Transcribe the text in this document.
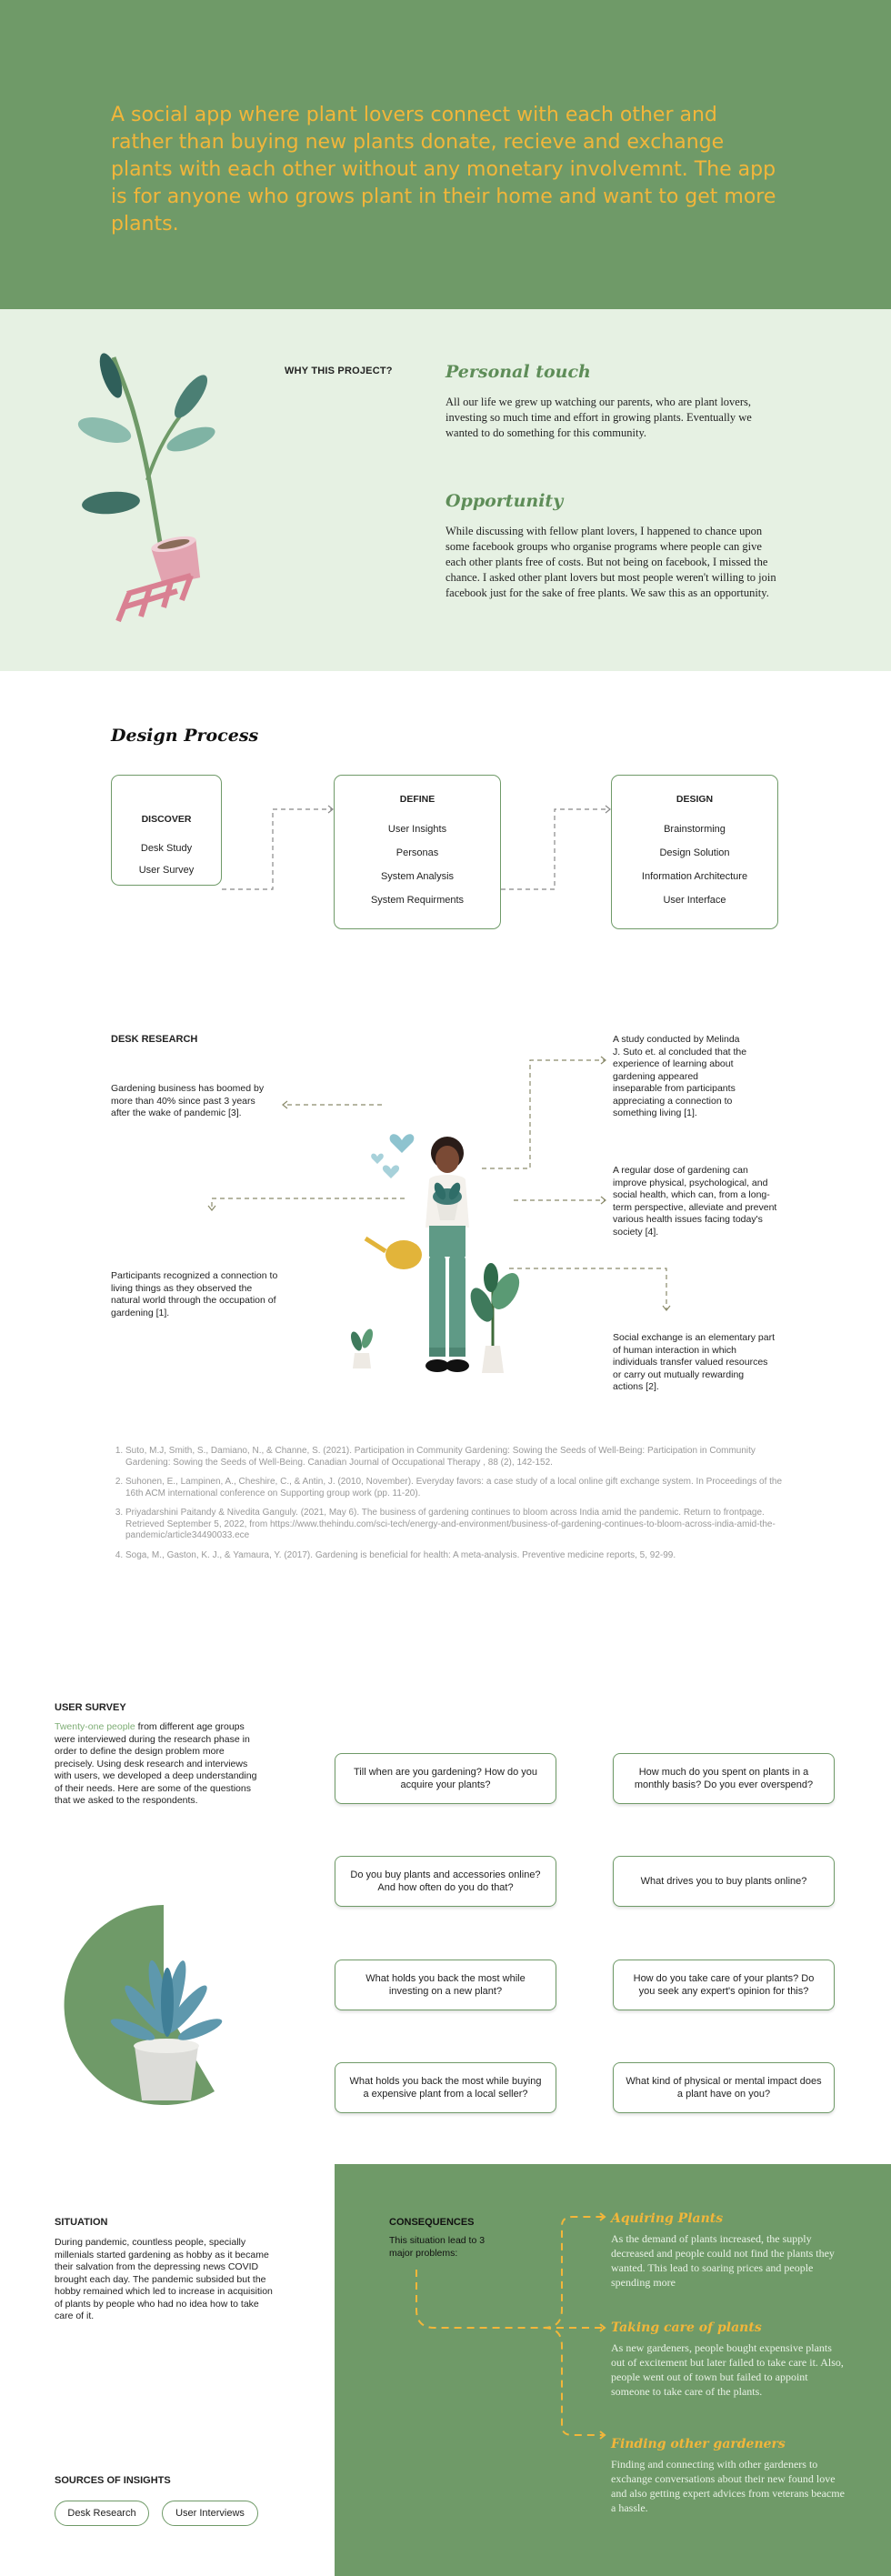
A social app where plant lovers connect with each other and rather than buying new plants donate, recieve and exchange plants with each other without any monetary involvemnt. The app is for anyone who grows plant in their home and want to get more plants.

WHY THIS PROJECT?	Personal touch

All our life we grew up watching our parents, who are plant lovers, investing so much time and effort in growing plants. Eventually we wanted to do something for this community.

Opportunity

While discussing with fellow plant lovers, I happened to chance upon some facebook groups who organise programs where people can give each other plants free of costs. But not being on facebook, I missed the chance. I asked other plant lovers but most people weren't willing to join facebook just for the sake of free plants. We saw this as an opportunity.

Design Process
DISCOVER
Desk Study
User Survey
DEFINE
User Insights
Personas
System Analysis
System Requirments
DESIGN
Brainstorming
Design Solution
Information Architecture
User Interface
DESK RESEARCH	A study conducted by Melinda J. Suto et. al concluded that the experience of learning about gardening appeared inseparable from participants appreciating a connection to something living [1].
Gardening business has boomed by more than 40% since past 3 years after the wake of pandemic [3].
A regular dose of gardening can improve physical, psychological, and social health, which can, from a long-term perspective, alleviate and prevent various health issues facing today's society [4].
Participants recognized a connection to living things as they observed the natural world through the occupation of gardening [1].
Social exchange is an elementary part of human interaction in which individuals transfer valued resources or carry out mutually rewarding actions [2].
1. Suto, M.J, Smith, S., Damiano, N., & Channe, S. (2021). Participation in Community Gardening: Sowing the Seeds of Well-Being: Participation in Community Gardening: Sowing the Seeds of Well-Being. Canadian Journal of Occupational Therapy , 88 (2), 142-152.
2. Suhonen, E., Lampinen, A., Cheshire, C., & Antin, J. (2010, November). Everyday favors: a case study of a local online gift exchange system. In Proceedings of the 16th ACM international conference on Supporting group work (pp. 11-20).
3. Priyadarshini Paitandy & Nivedita Ganguly. (2021, May 6). The business of gardening continues to bloom across India amid the pandemic. Return to frontpage. Retrieved September 5, 2022, from https://www.thehindu.com/sci-tech/energy-and-environment/business-of-gardening-continues-to-bloom-across-india-amid-the-pandemic/article34490033.ece
4. Soga, M., Gaston, K. J., & Yamaura, Y. (2017). Gardening is beneficial for health: A meta-analysis. Preventive medicine reports, 5, 92-99.
USER SURVEY

Twenty-one people from different age groups were interviewed during the research phase in order to define the design problem more precisely. Using desk research and interviews with users, we developed a deep understanding of their needs. Here are some of the questions that we asked to the respondents.

Till when are you gardening? How do you acquire your plants?
How much do you spent on plants in a monthly basis? Do you ever overspend?
Do you buy plants and accessories online? And how often do you do that?
What drives you to buy plants online?
What holds you back the most while investing on a new plant?
How do you take care of your plants? Do you seek any expert's opinion for this?
What holds you back the most while buying a expensive plant from a local seller?
What kind of physical or mental impact does a plant have on you?
SITUATION

During pandemic, countless people, specially millenials started gardening as hobby as it became their salvation from the depressing news COVID brought each day. The pandemic subsided but the hobby remained which led to increase in acquisition of plants by people who had no idea how to take care of it.

SOURCES OF INSIGHTS
Desk Research	User Interviews
CONSEQUENCES

This situation lead to 3 major problems:

Aquiring Plants

As the demand of plants increased, the supply decreased and people could not find the plants they wanted. This lead to soaring prices and people spending more

Taking care of plants

As new gardeners, people bought expensive plants out of excitement but later failed to take care it. Also, people went out of town but failed to appoint someone to take care of the plants.

Finding other gardeners

Finding and connecting with other gardeners to exchange conversations about their new found love and also getting expert advices from veterans beacme a hassle.
